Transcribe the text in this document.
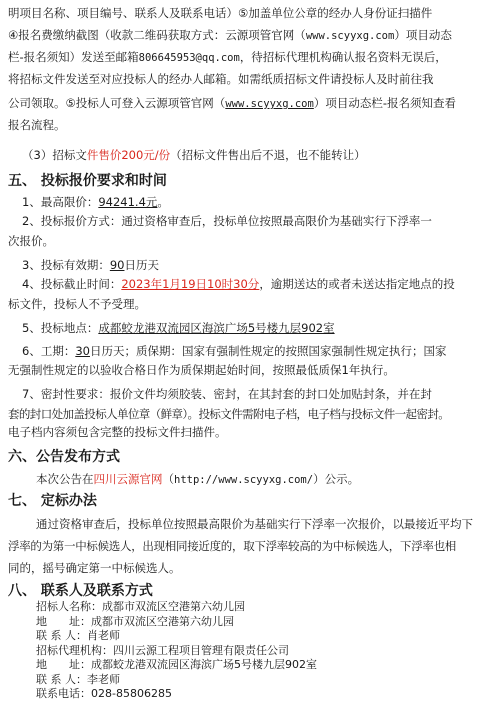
明项目名称、项目编号、联系人及联系电话）⑤加盖单位公章的经办人身份证扫描件
④报名费缴纳截图（收款二维码获取方式：云源项管官网（www.scyyxg.com）项目动态
栏-报名须知）发送至邮箱806645953@qq.com，待招标代理机构确认报名资料无误后，
将招标文件发送至对应投标人的经办人邮箱。如需纸质招标文件请投标人及时前往我
公司领取。⑤投标人可登入云源项管官网（www.scyyxg.com）项目动态栏-报名须知查看
报名流程。
（3）招标文件售价200元/份（招标文件售出后不退，也不能转让）
五、 投标报价要求和时间
1、最高限价：94241.4元。
2、投标报价方式：通过资格审查后，投标单位按照最高限价为基础实行下浮率一
次报价。
3、投标有效期：90日历天
4、投标截止时间：2023年1月19日10时30分，逾期送达的或者未送达指定地点的投
标文件，投标人不予受理。
5、投标地点：成都蛟龙港双流园区海滨广场5号楼九层902室
6、工期：30日历天；质保期：国家有强制性规定的按照国家强制性规定执行；国家
无强制性规定的以验收合格日作为质保期起始时间，按照最低质保1年执行。
7、密封性要求：报价文件均须胶装、密封，在其封套的封口处加贴封条，并在封
套的封口处加盖投标人单位章（鲜章）。投标文件需附电子档，电子档与投标文件一起密封。
电子档内容须包含完整的投标文件扫描件。
六、公告发布方式
本次公告在四川云源官网（http://www.scyyxg.com/）公示。
七、 定标办法
通过资格审查后，投标单位按照最高限价为基础实行下浮率一次报价，以最接近平均下
浮率的为第一中标候选人，出现相同接近度的，取下浮率较高的为中标候选人，下浮率也相
同的，摇号确定第一中标候选人。
八、 联系人及联系方式
招标人名称：成都市双流区空港第六幼儿园
地　　址：成都市双流区空港第六幼儿园
联 系 人：肖老师
招标代理机构：四川云源工程项目管理有限责任公司
地　　址：成都蛟龙港双流园区海滨广场5号楼九层902室
联 系 人：李老师
联系电话：028-85806285
